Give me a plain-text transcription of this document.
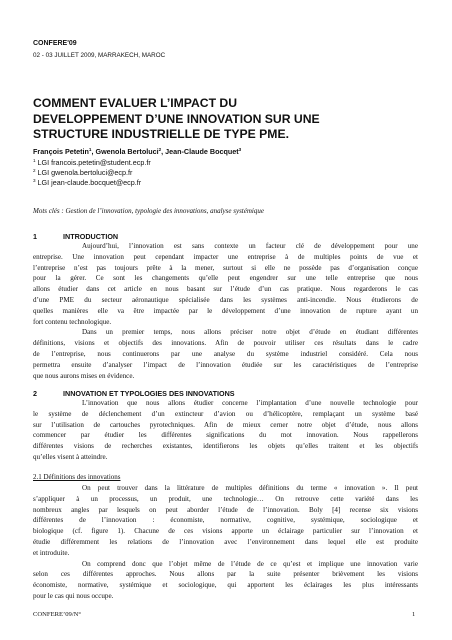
CONFERE'09
02 - 03 JUILLET 2009, MARRAKECH, MAROC
COMMENT EVALUER L’IMPACT DU
DEVELOPPEMENT D’UNE INNOVATION SUR UNE
STRUCTURE INDUSTRIELLE DE TYPE PME.
François Petetin$^1$, Gwenola Bertoluci$^2$, Jean-Claude Bocquet$^3$
$^1$ LGI francois.petetin@student.ecp.fr
$^2$ LGI gwenola.bertoluci@ecp.fr
$^3$ LGI jean-claude.bocquet@ecp.fr
Mots clés : Gestion de l’innovation, typologie des innovations, analyse systémique
1	INTRODUCTION
Aujourd’hui, l’innovation est sans contexte un facteur clé de développement pour une
entreprise. Une innovation peut cependant impacter une entreprise à de multiples points de vue et
l’entreprise n’est pas toujours prête à la mener, surtout si elle ne possède pas d’organisation conçue
pour la gérer. Ce sont les changements qu’elle peut engendrer sur une telle entreprise que nous
allons étudier dans cet article en nous basant sur l’étude d’un cas pratique. Nous regarderons le cas
d’une PME du secteur aéronautique spécialisée dans les systèmes anti-incendie. Nous étudierons de
quelles manières elle va être impactée par le développement d’une innovation de rupture ayant un
fort contenu technologique.
Dans un premier temps, nous allons préciser notre objet d’étude en étudiant différentes
définitions, visions et objectifs des innovations. Afin de pouvoir utiliser ces résultats dans le cadre
de l’entreprise, nous continuerons par une analyse du système industriel considéré. Cela nous
permettra ensuite d’analyser l’impact de l’innovation étudiée sur les caractéristiques de l’entreprise
que nous aurons mises en évidence.
2	INNOVATION ET TYPOLOGIES DES INNOVATIONS
L’innovation que nous allons étudier concerne l’implantation d’une nouvelle technologie pour
le système de déclenchement d’un extincteur d’avion ou d’hélicoptère, remplaçant un système basé
sur l’utilisation de cartouches pyrotechniques. Afin de mieux cerner notre objet d’étude, nous allons
commencer par étudier les différentes significations du mot innovation. Nous rappellerons
différentes visions de recherches existantes, identifierons les objets qu’elles traitent et les objectifs
qu’elles visent à atteindre.
2.1 Définitions des innovations
On peut trouver dans la littérature de multiples définitions du terme « innovation ». Il peut
s’appliquer à un processus, un produit, une technologie… On retrouve cette variété dans les
nombreux angles par lesquels on peut aborder l’étude de l’innovation. Boly [4] recense six visions
différentes de l’innovation : économiste, normative, cognitive, systémique, sociologique et
biologique (cf. figure 1). Chacune de ces visions apporte un éclairage particulier sur l’innovation et
étudie différemment les relations de l’innovation avec l’environnement dans lequel elle est produite
et introduite.
On comprend donc que l’objet même de l’étude de ce qu’est et implique une innovation varie
selon ces différentes approches. Nous allons par la suite présenter brièvement les visions
économiste, normative, systémique et sociologique, qui apportent les éclairages les plus intéressants
pour le cas qui nous occupe.
CONFERE’09/N°	1
